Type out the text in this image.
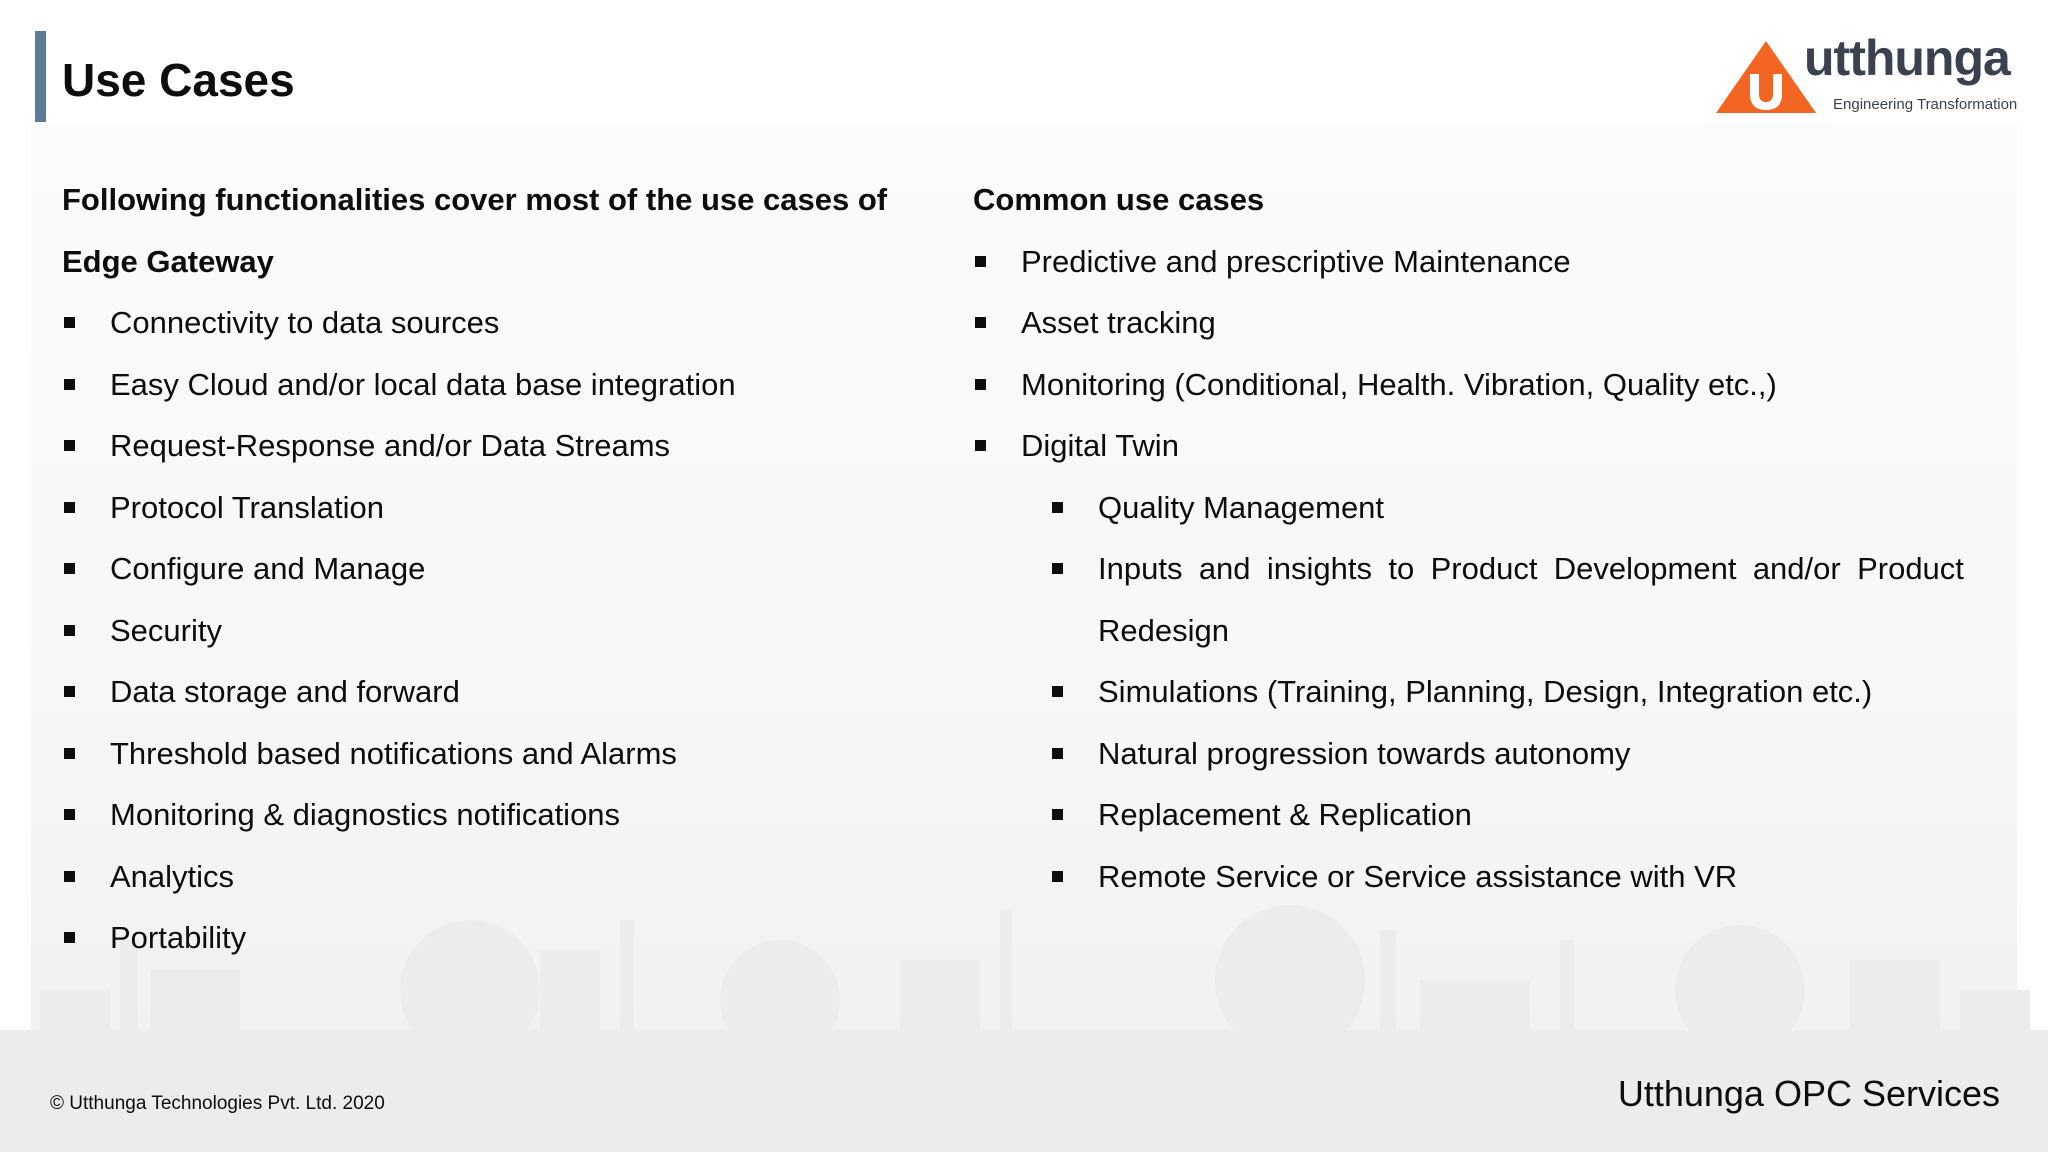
Use Cases	utthunga
Engineering Transformation
Following functionalities cover most of the use cases of
Edge Gateway
Connectivity to data sources
Easy Cloud and/or local data base integration
Request-Response and/or Data Streams
Protocol Translation
Configure and Manage
Security
Data storage and forward
Threshold based notifications and Alarms
Monitoring & diagnostics notifications
Analytics
Portability
Common use cases
Predictive and prescriptive Maintenance
Asset tracking
Monitoring (Conditional, Health. Vibration, Quality etc.,)
Digital Twin
Quality Management
Inputs and insights to Product Development and/or Product
Redesign
Simulations (Training, Planning, Design, Integration etc.)
Natural progression towards autonomy
Replacement & Replication
Remote Service or Service assistance with VR
© Utthunga Technologies Pvt. Ltd. 2020	Utthunga OPC Services
